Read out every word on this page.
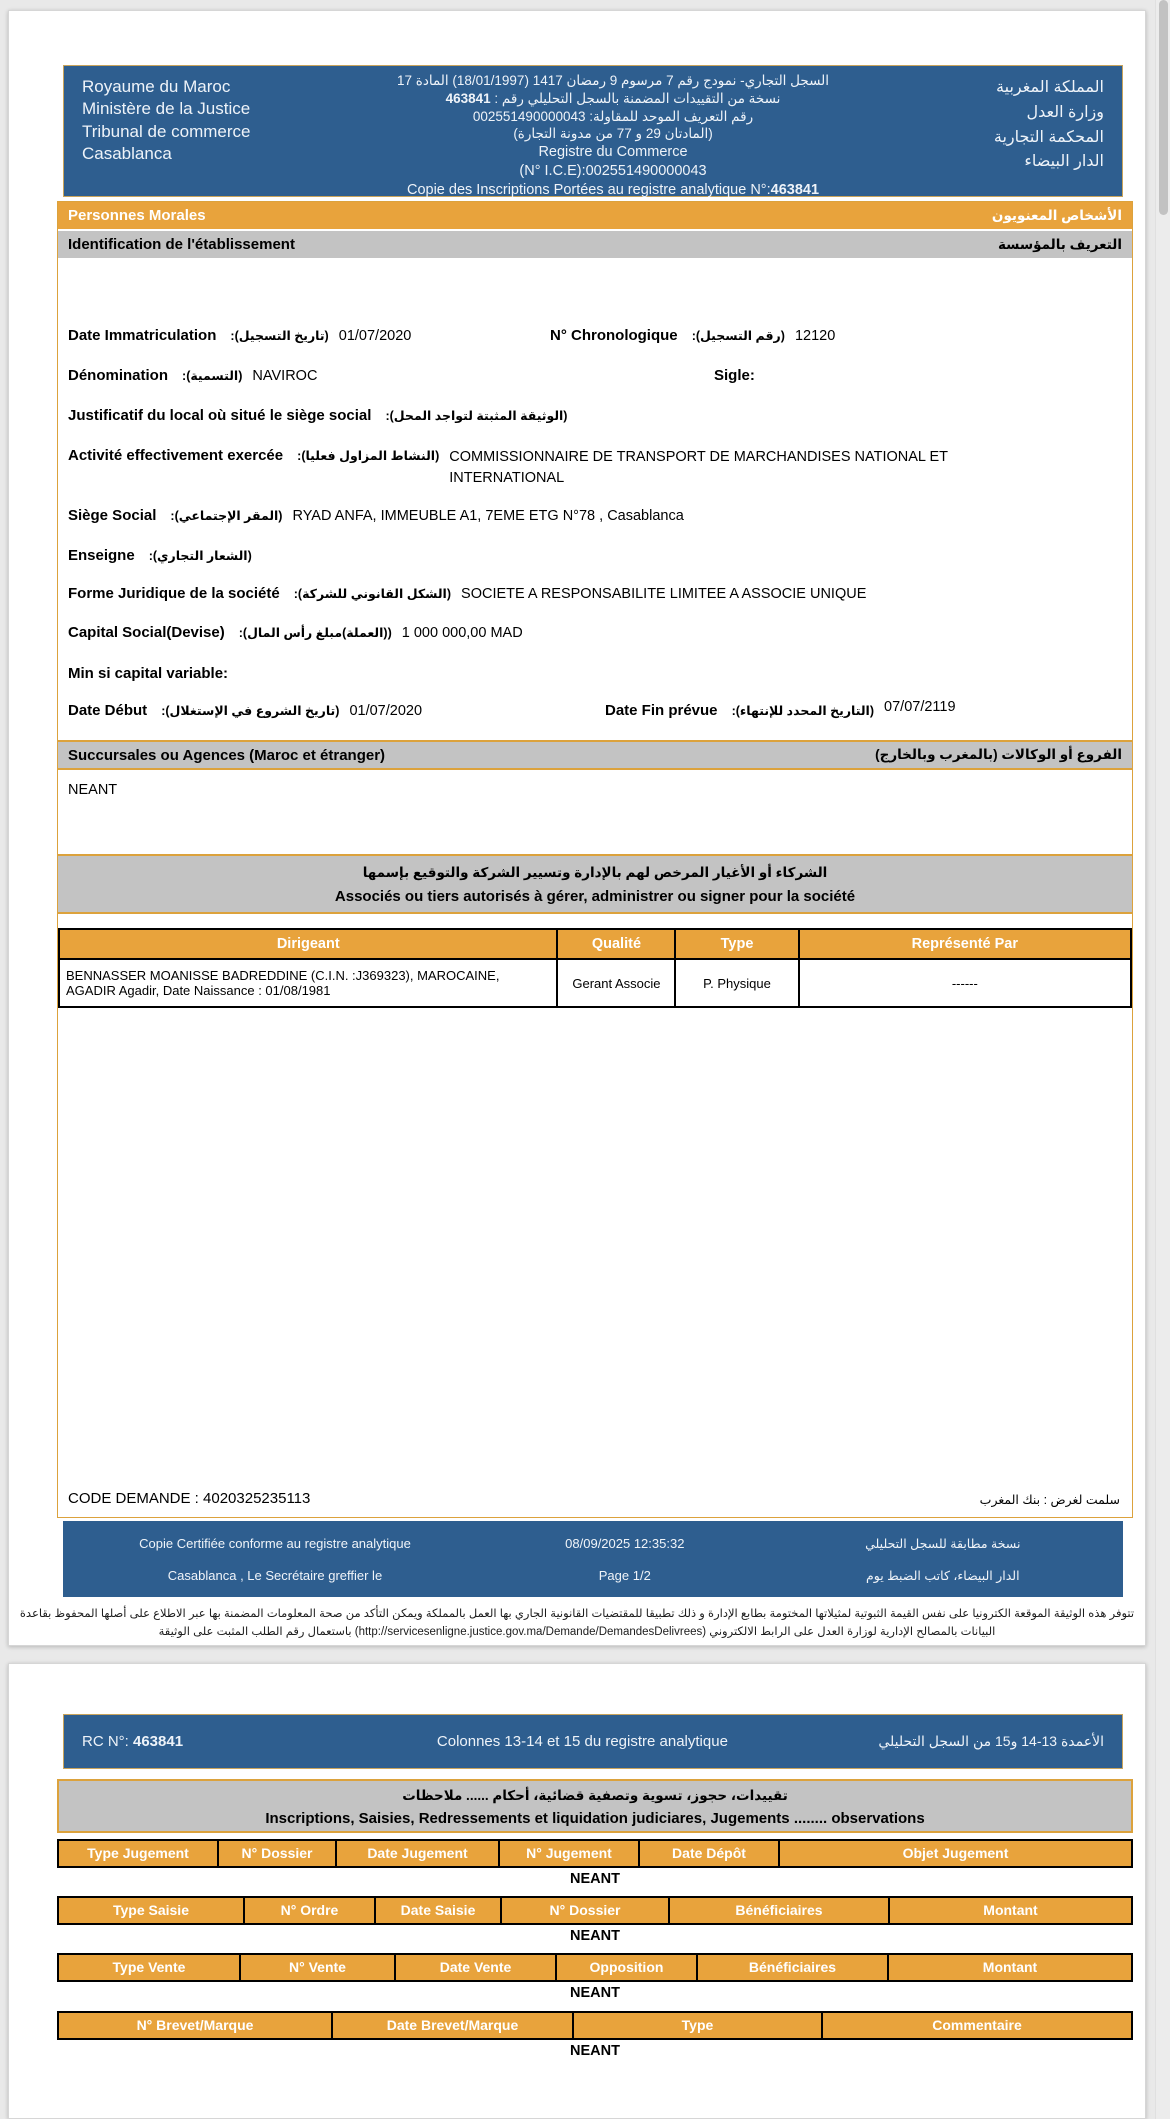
Royaume du Maroc
Ministère de la Justice
Tribunal de commerce
Casablanca
السجل التجاري- نمودج رقم 7 مرسوم 9 رمضان 1417 (18/01/1997) المادة 17
نسخة من التقييدات المضمنة بالسجل التحليلي رقم : 463841
رقم التعريف الموحد للمقاولة: 002551490000043
(المادتان 29 و 77 من مدونة التجارة)
Registre du Commerce
(N° I.C.E):002551490000043
Copie des Inscriptions Portées au registre analytique N°:463841
المملكة المغربية
وزارة العدل
المحكمة التجارية
الدار البيضاء
Personnes Morales	الأشخاص المعنويون
Identification de l'établissement	التعريف بالمؤسسة
Date Immatriculation (تاريخ التسجيل): 01/07/2020	N° Chronologique (رقم التسجيل): 12120
Dénomination (التسمية): NAVIROC	Sigle:
Justificatif du local où situé le siège social (الوثيقة المثبتة لتواجد المحل):
Activité effectivement exercée (النشاط المزاول فعليا): COMMISSIONNAIRE DE TRANSPORT DE MARCHANDISES NATIONAL ET INTERNATIONAL
Siège Social (المقر الإجتماعي): RYAD ANFA, IMMEUBLE A1, 7EME ETG N°78 , Casablanca
Enseigne (الشعار التجاري):
Forme Juridique de la société (الشكل القانوني للشركة): SOCIETE A RESPONSABILITE LIMITEE A ASSOCIE UNIQUE
Capital Social(Devise) ((العملة)مبلغ رأس المال): 1 000 000,00 MAD
Min si capital variable:
Date Début (تاريخ الشروع في الإستغلال): 01/07/2020	Date Fin prévue (التاريخ المحدد للإنتهاء): 07/07/2119
Succursales ou Agences (Maroc et étranger)	الفروع أو الوكالات (بالمغرب وبالخارج)
NEANT
الشركاء أو الأغيار المرخص لهم بالإدارة وتسيير الشركة والتوقيع بإسمها
Associés ou tiers autorisés à gérer, administrer ou signer pour la société
Dirigeant	Qualité	Type	Représenté Par
BENNASSER MOANISSE BADREDDINE (C.I.N. :J369323), MAROCAINE, AGADIR Agadir, Date Naissance : 01/08/1981	Gerant Associe	P. Physique	------
CODE DEMANDE : 4020325235113	سلمت لغرض : بنك المغرب
Copie Certifiée conforme au registre analytique
Casablanca , Le Secrétaire greffier le
08/09/2025 12:35:32
Page 1/2
نسخة مطابقة للسجل التحليلي
الدار البيضاء، كاتب الضبط يوم
تتوفر هذه الوثيقة الموقعة الكترونيا على نفس القيمة الثبوتية لمثيلاتها المختومة بطابع الإدارة و ذلك تطبيقا للمقتضيات القانونية الجاري بها العمل بالمملكة ويمكن التأكد من صحة المعلومات المضمنة بها عبر الاطلاع على أصلها المحفوظ بقاعدة البيانات بالمصالح الإدارية لوزارة العدل على الرابط الالكتروني (http://servicesenligne.justice.gov.ma/Demande/DemandesDelivrees) باستعمال رقم الطلب المثبت على الوثيقة
RC N°: 463841	Colonnes 13-14 et 15 du registre analytique	الأعمدة 13-14 و15 من السجل التحليلي
تقييدات، حجوز، تسوية وتصفية قضائية، أحكام ...... ملاحظات
Inscriptions, Saisies, Redressements et liquidation judiciares, Jugements ........ observations
Type Jugement	N° Dossier	Date Jugement	N° Jugement	Date Dépôt	Objet Jugement
NEANT
Type Saisie	N° Ordre	Date Saisie	N° Dossier	Bénéficiaires	Montant
NEANT
Type Vente	N° Vente	Date Vente	Opposition	Bénéficiaires	Montant
NEANT
N° Brevet/Marque	Date Brevet/Marque	Type	Commentaire
NEANT
